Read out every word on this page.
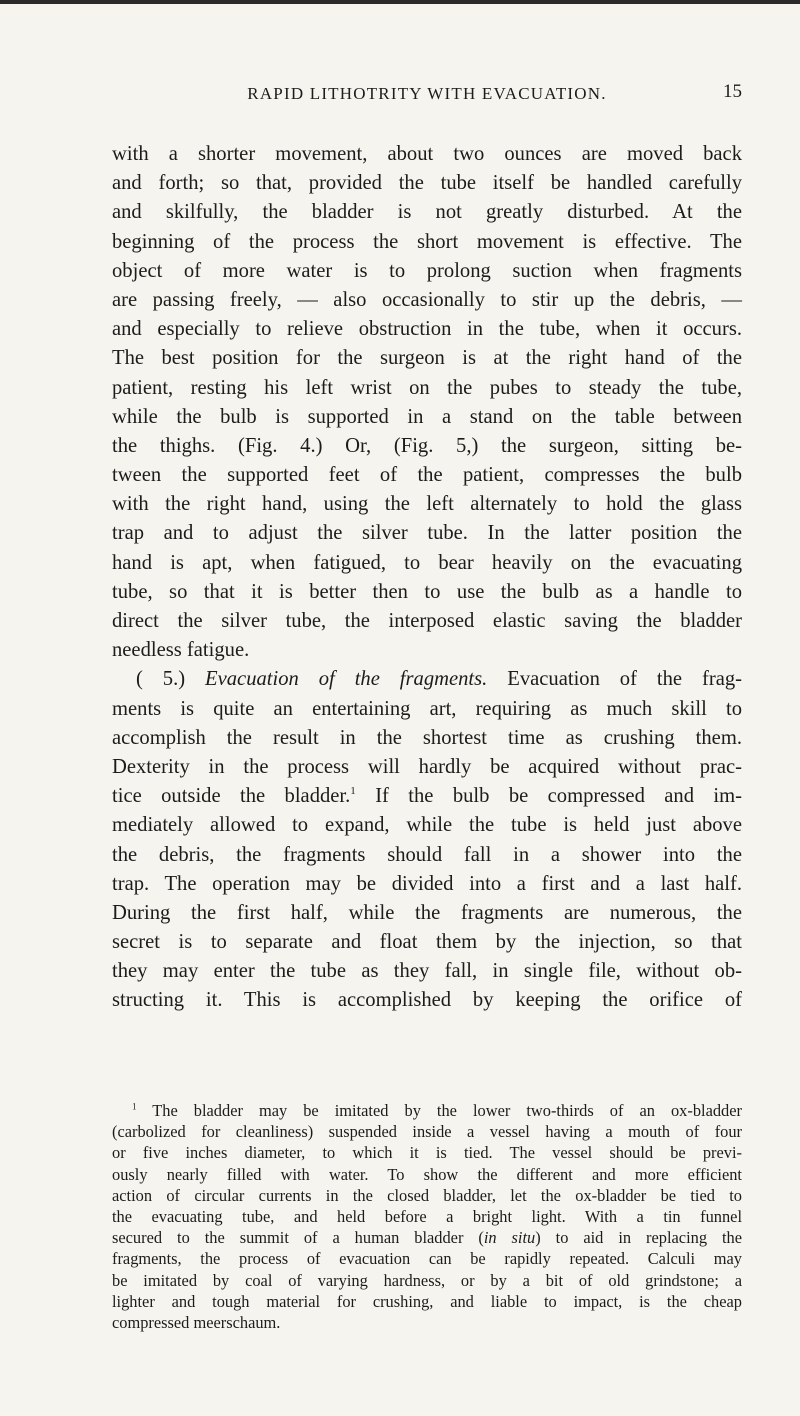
RAPID LITHOTRITY WITH EVACUATION.	15
with a shorter movement, about two ounces are moved back
and forth; so that, provided the tube itself be handled carefully
and skilfully, the bladder is not greatly disturbed. At the
beginning of the process the short movement is effective. The
object of more water is to prolong suction when fragments
are passing freely, — also occasionally to stir up the debris, —
and especially to relieve obstruction in the tube, when it occurs.
The best position for the surgeon is at the right hand of the
patient, resting his left wrist on the pubes to steady the tube,
while the bulb is supported in a stand on the table between
the thighs. (Fig. 4.) Or, (Fig. 5,) the surgeon, sitting be-
tween the supported feet of the patient, compresses the bulb
with the right hand, using the left alternately to hold the glass
trap and to adjust the silver tube. In the latter position the
hand is apt, when fatigued, to bear heavily on the evacuating
tube, so that it is better then to use the bulb as a handle to
direct the silver tube, the interposed elastic saving the bladder
needless fatigue.
( 5.) Evacuation of the fragments. Evacuation of the frag-
ments is quite an entertaining art, requiring as much skill to
accomplish the result in the shortest time as crushing them.
Dexterity in the process will hardly be acquired without prac-
tice outside the bladder.$^1$ If the bulb be compressed and im-
mediately allowed to expand, while the tube is held just above
the debris, the fragments should fall in a shower into the
trap. The operation may be divided into a first and a last half.
During the first half, while the fragments are numerous, the
secret is to separate and float them by the injection, so that
they may enter the tube as they fall, in single file, without ob-
structing it. This is accomplished by keeping the orifice of
$^1$ The bladder may be imitated by the lower two-thirds of an ox-bladder
(carbolized for cleanliness) suspended inside a vessel having a mouth of four
or five inches diameter, to which it is tied. The vessel should be previ-
ously nearly filled with water. To show the different and more efficient
action of circular currents in the closed bladder, let the ox-bladder be tied to
the evacuating tube, and held before a bright light. With a tin funnel
secured to the summit of a human bladder (in situ) to aid in replacing the
fragments, the process of evacuation can be rapidly repeated. Calculi may
be imitated by coal of varying hardness, or by a bit of old grindstone; a
lighter and tough material for crushing, and liable to impact, is the cheap
compressed meerschaum.
